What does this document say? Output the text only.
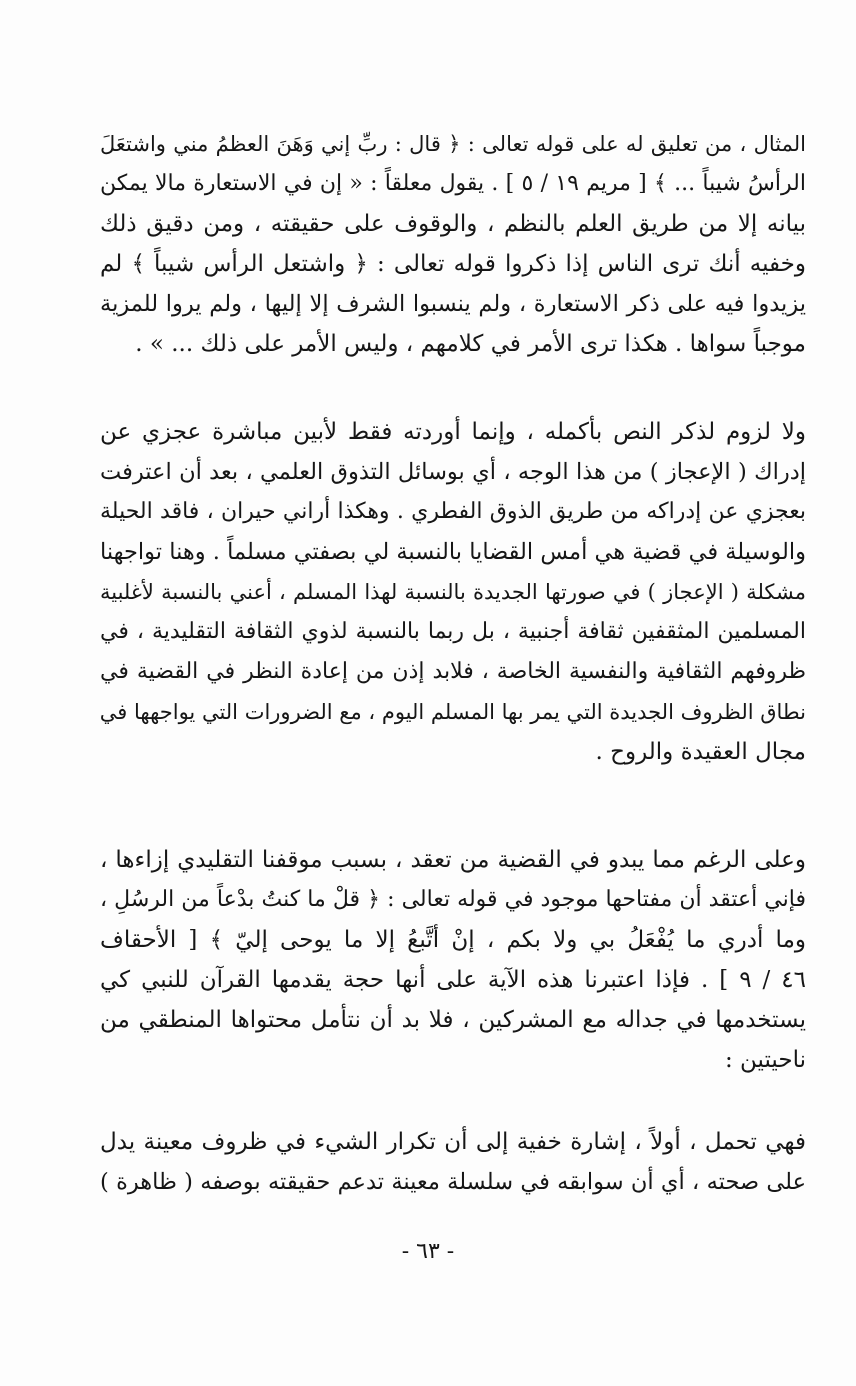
المثال ، من تعليق له على قوله تعالى : ﴿ قال : ربِّ إني وَهَنَ العظمُ مني واشتعَلَ
الرأسُ شيباً ... ﴾ [ مريم ١٩ / ٥ ] . يقول معلقاً : « إن في الاستعارة مالا يمكن
بيانه إلا من طريق العلم بالنظم ، والوقوف على حقيقته ، ومن دقيق ذلك
وخفيه أنك ترى الناس إذا ذكروا قوله تعالى : ﴿ واشتعل الرأس شيباً ﴾ لم
يزيدوا فيه على ذكر الاستعارة ، ولم ينسبوا الشرف إلا إليها ، ولم يروا للمزية
موجباً سواها . هكذا ترى الأمر في كلامهم ، وليس الأمر على ذلك ... » .
ولا لزوم لذكر النص بأكمله ، وإنما أوردته فقط لأبين مباشرة عجزي عن
إدراك ( الإعجاز ) من هذا الوجه ، أي بوسائل التذوق العلمي ، بعد أن اعترفت
بعجزي عن إدراكه من طريق الذوق الفطري . وهكذا أراني حيران ، فاقد الحيلة
والوسيلة في قضية هي أمس القضايا بالنسبة لي بصفتي مسلماً . وهنا تواجهنا
مشكلة ( الإعجاز ) في صورتها الجديدة بالنسبة لهذا المسلم ، أعني بالنسبة لأغلبية
المسلمين المثقفين ثقافة أجنبية ، بل ربما بالنسبة لذوي الثقافة التقليدية ، في
ظروفهم الثقافية والنفسية الخاصة ، فلابد إذن من إعادة النظر في القضية في
نطاق الظروف الجديدة التي يمر بها المسلم اليوم ، مع الضرورات التي يواجهها في
مجال العقيدة والروح .
وعلى الرغم مما يبدو في القضية من تعقد ، بسبب موقفنا التقليدي إزاءها ،
فإني أعتقد أن مفتاحها موجود في قوله تعالى : ﴿ قلْ ما كنتُ بدْعاً من الرسُلِ ،
وما أدري ما يُفْعَلُ بي ولا بكم ، إنْ أتَّبعُ إلا ما يوحى إليّ ﴾ [ الأحقاف
٤٦ / ٩ ] . فإذا اعتبرنا هذه الآية على أنها حجة يقدمها القرآن للنبي كي
يستخدمها في جداله مع المشركين ، فلا بد أن نتأمل محتواها المنطقي من
ناحيتين :
فهي تحمل ، أولاً ، إشارة خفية إلى أن تكرار الشيء في ظروف معينة يدل
على صحته ، أي أن سوابقه في سلسلة معينة تدعم حقيقته بوصفه ( ظاهرة )
- ٦٣ -
